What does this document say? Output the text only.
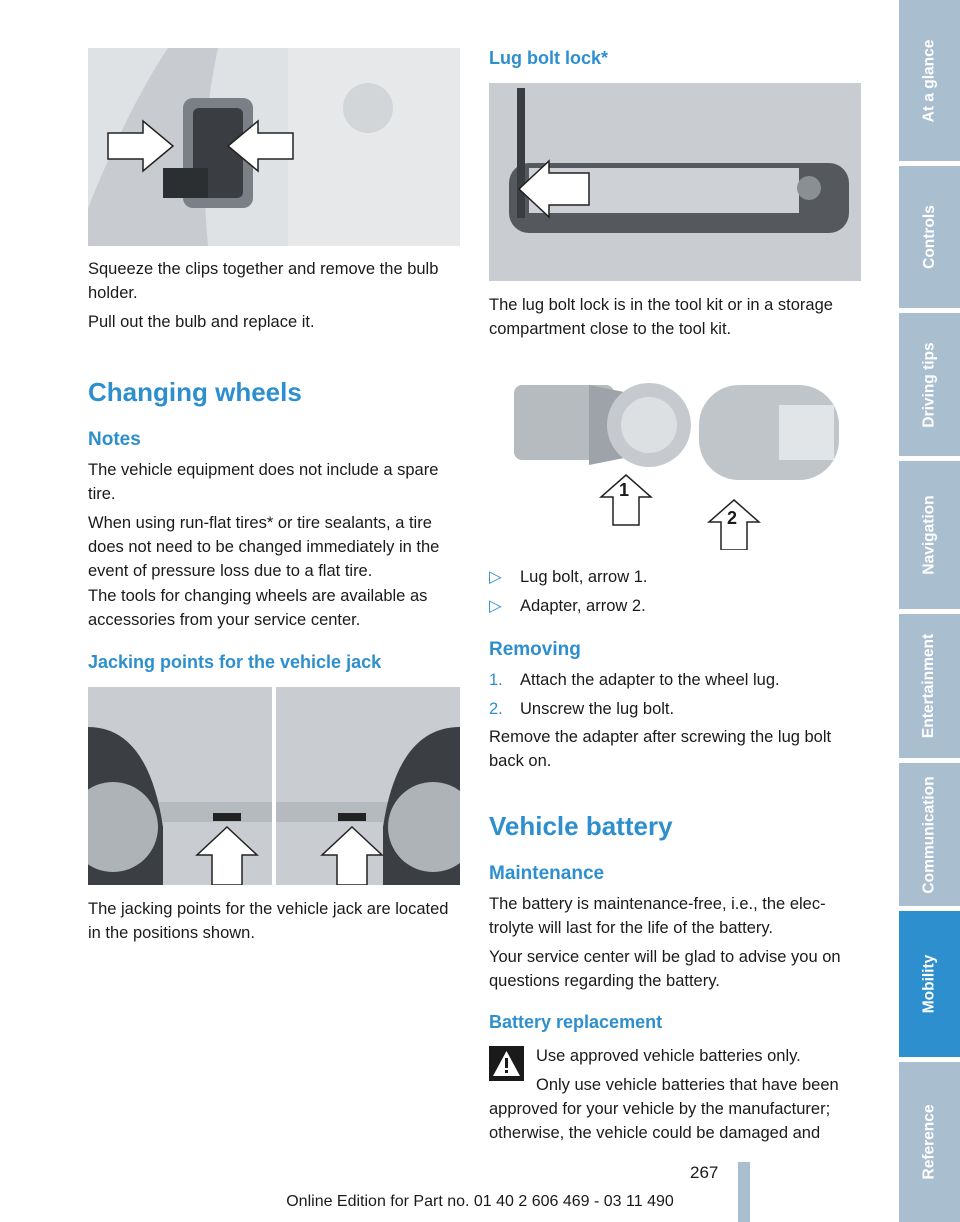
Squeeze the clips together and remove the bulb holder.

Pull out the bulb and replace it.

Changing wheels
Notes

The vehicle equipment does not include a spare tire.

When using run-flat tires* or tire sealants, a tire does not need to be changed immediately in the event of pressure loss due to a flat tire.

The tools for changing wheels are available as accessories from your service center.

Jacking points for the vehicle jack

The jacking points for the vehicle jack are located in the positions shown.

Lug bolt lock*

The lug bolt lock is in the tool kit or in a storage compartment close to the tool kit.

1
2
▷ Lug bolt, arrow 1.
▷ Adapter, arrow 2.
Removing
1. Attach the adapter to the wheel lug.
2. Unscrew the lug bolt.

Remove the adapter after screwing the lug bolt back on.

Vehicle battery
Maintenance

The battery is maintenance-free, i.e., the electrolyte will last for the life of the battery.

Your service center will be glad to advise you on questions regarding the battery.

Battery replacement

Use approved vehicle batteries only.

Only use vehicle batteries that have been

approved for your vehicle by the manufacturer; otherwise, the vehicle could be damaged and

At a glance
Controls
Driving tips
Navigation
Entertainment
Communication
Mobility
Reference
267
Online Edition for Part no. 01 40 2 606 469 - 03 11 490
